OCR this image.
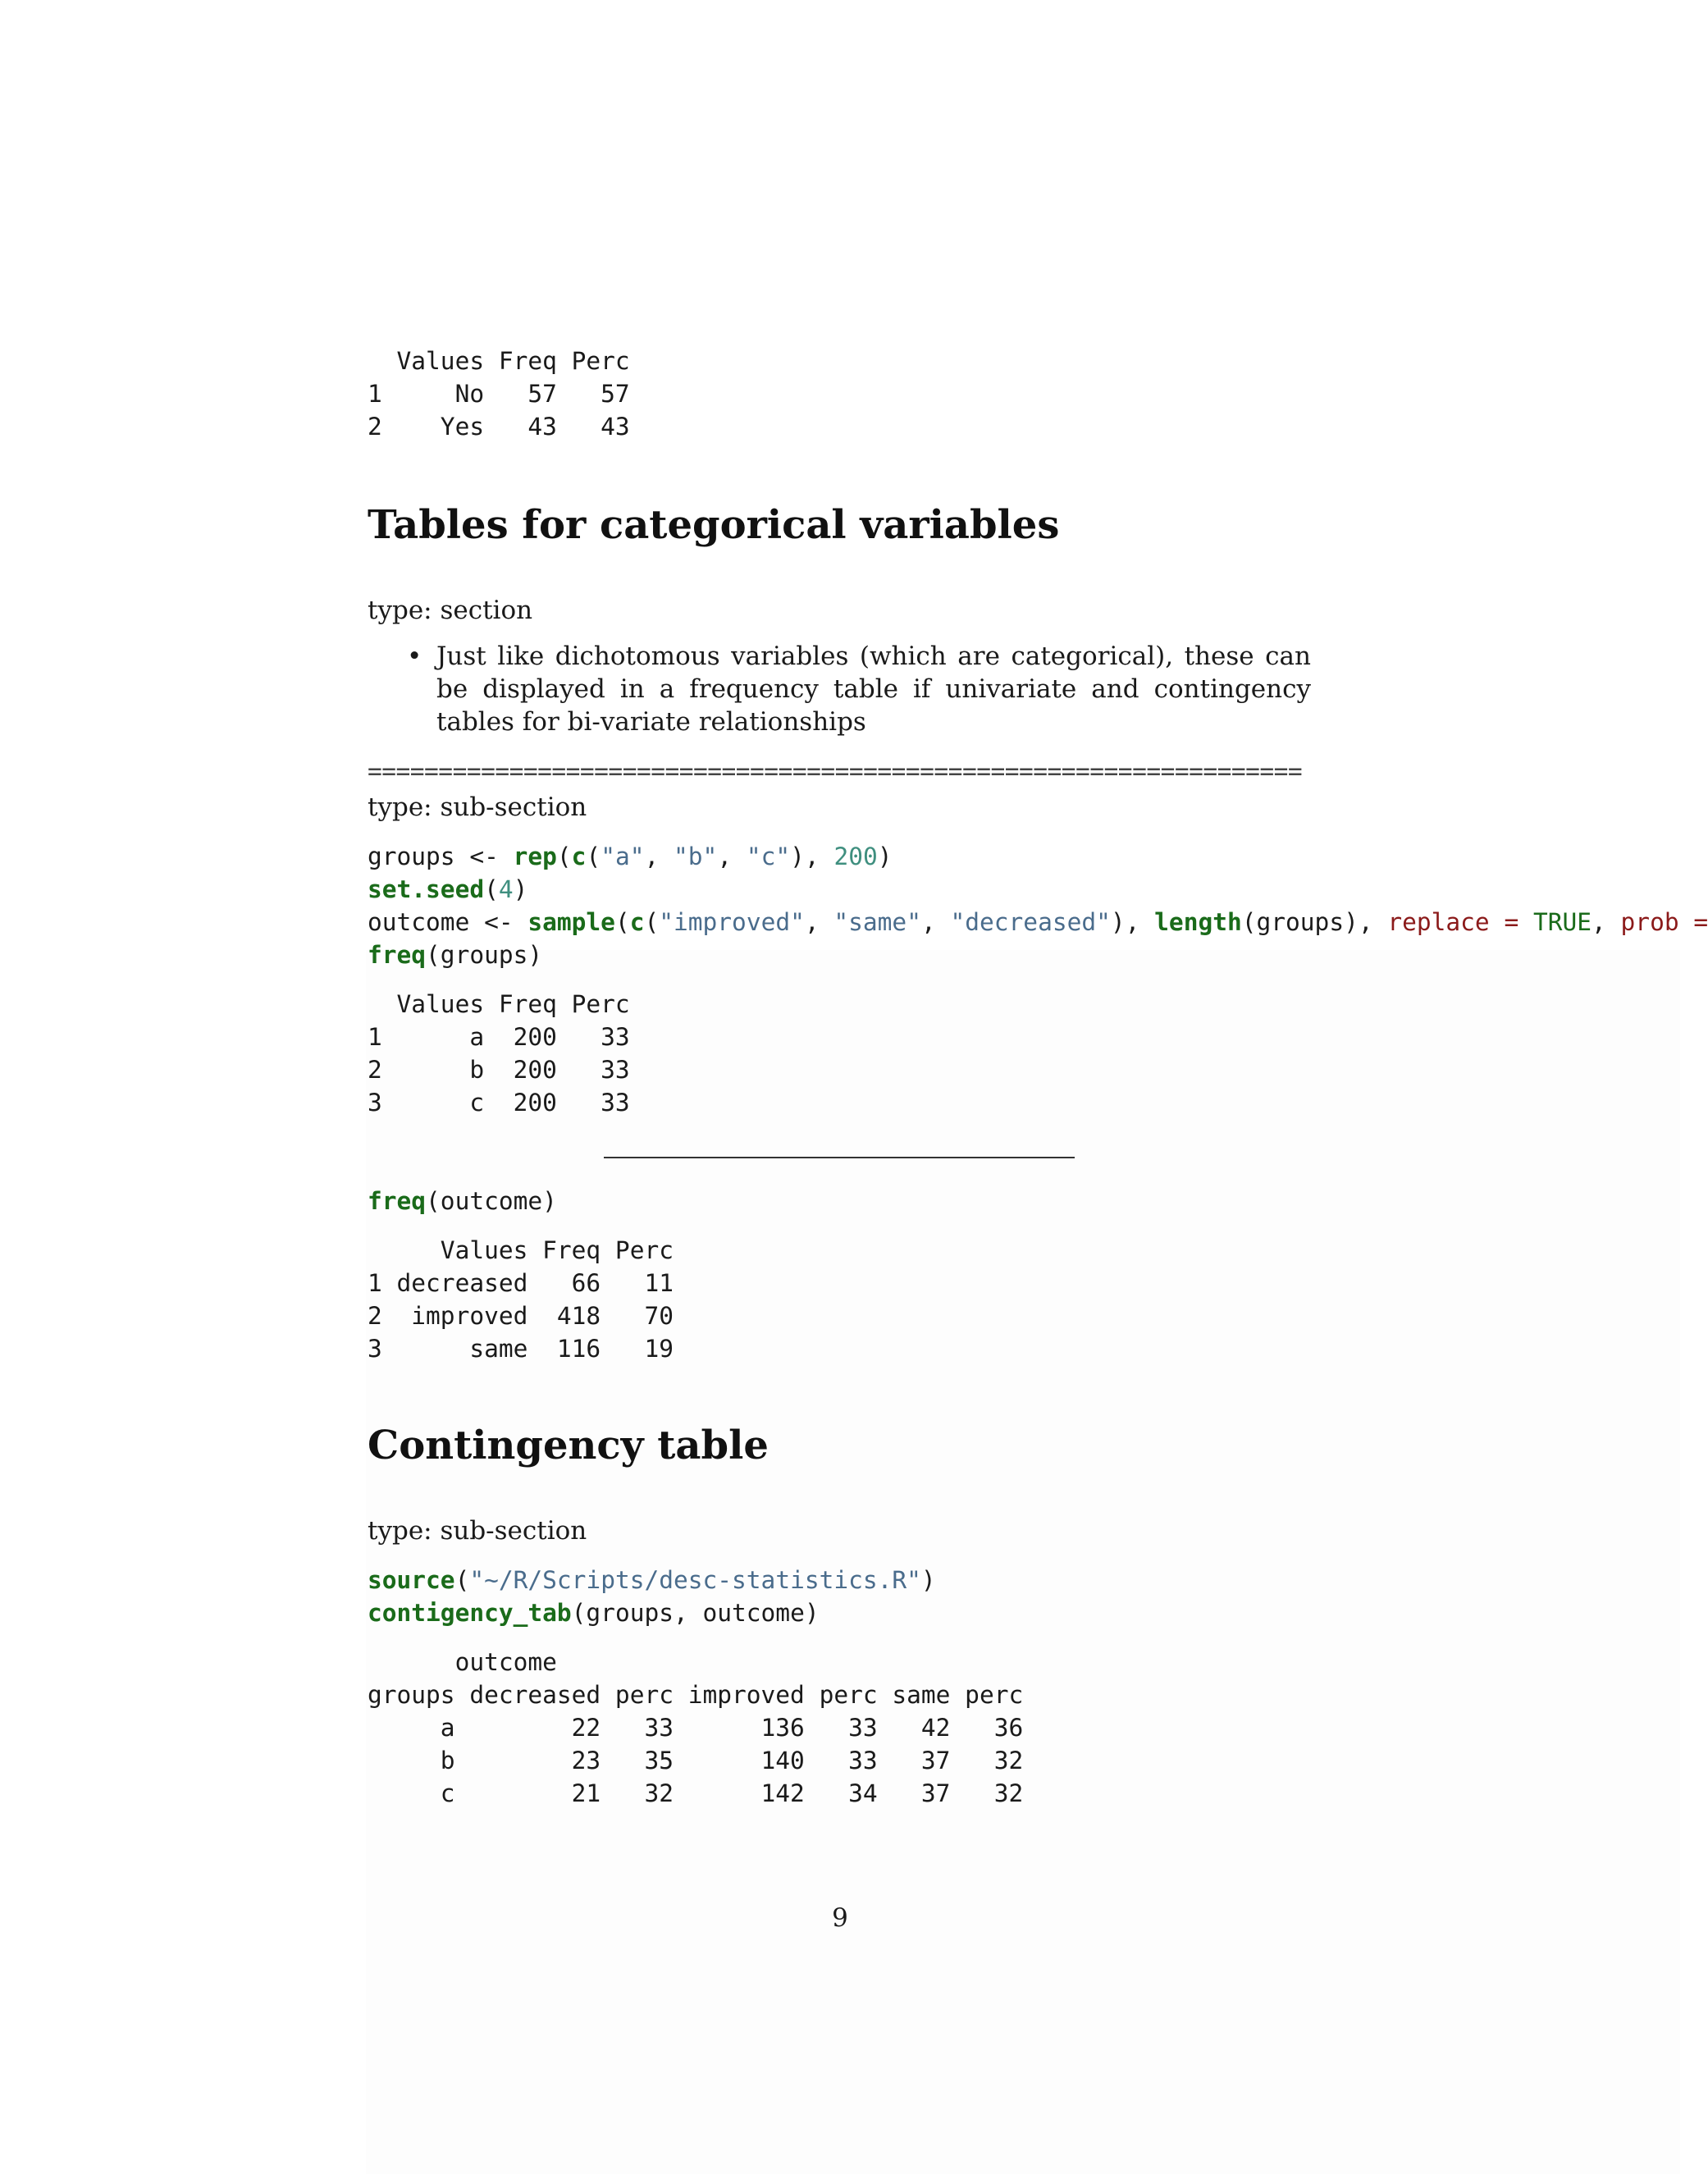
Values Freq Perc
1     No   57   57
2    Yes   43   43
Tables for categorical variables

type: section

• Just like dichotomous variables (which are categorical), these can be displayed in a frequency table if univariate and contingency tables for bi-variate relationships
==================================================================

type: sub-section

groups <- rep(c("a", "b", "c"), 200)
set.seed(4)
outcome <- sample(c("improved", "same", "decreased"), length(groups), replace = TRUE, prob =
freq(groups)
Values Freq Perc
1      a  200   33
2      b  200   33
3      c  200   33
freq(outcome)
Values Freq Perc
1 decreased   66   11
2  improved  418   70
3      same  116   19
Contingency table

type: sub-section

source("~/R/Scripts/desc-statistics.R")
contigency_tab(groups, outcome)
outcome
groups decreased perc improved perc same perc
a        22   33      136   33   42   36
b        23   35      140   33   37   32
c        21   32      142   34   37   32
9
